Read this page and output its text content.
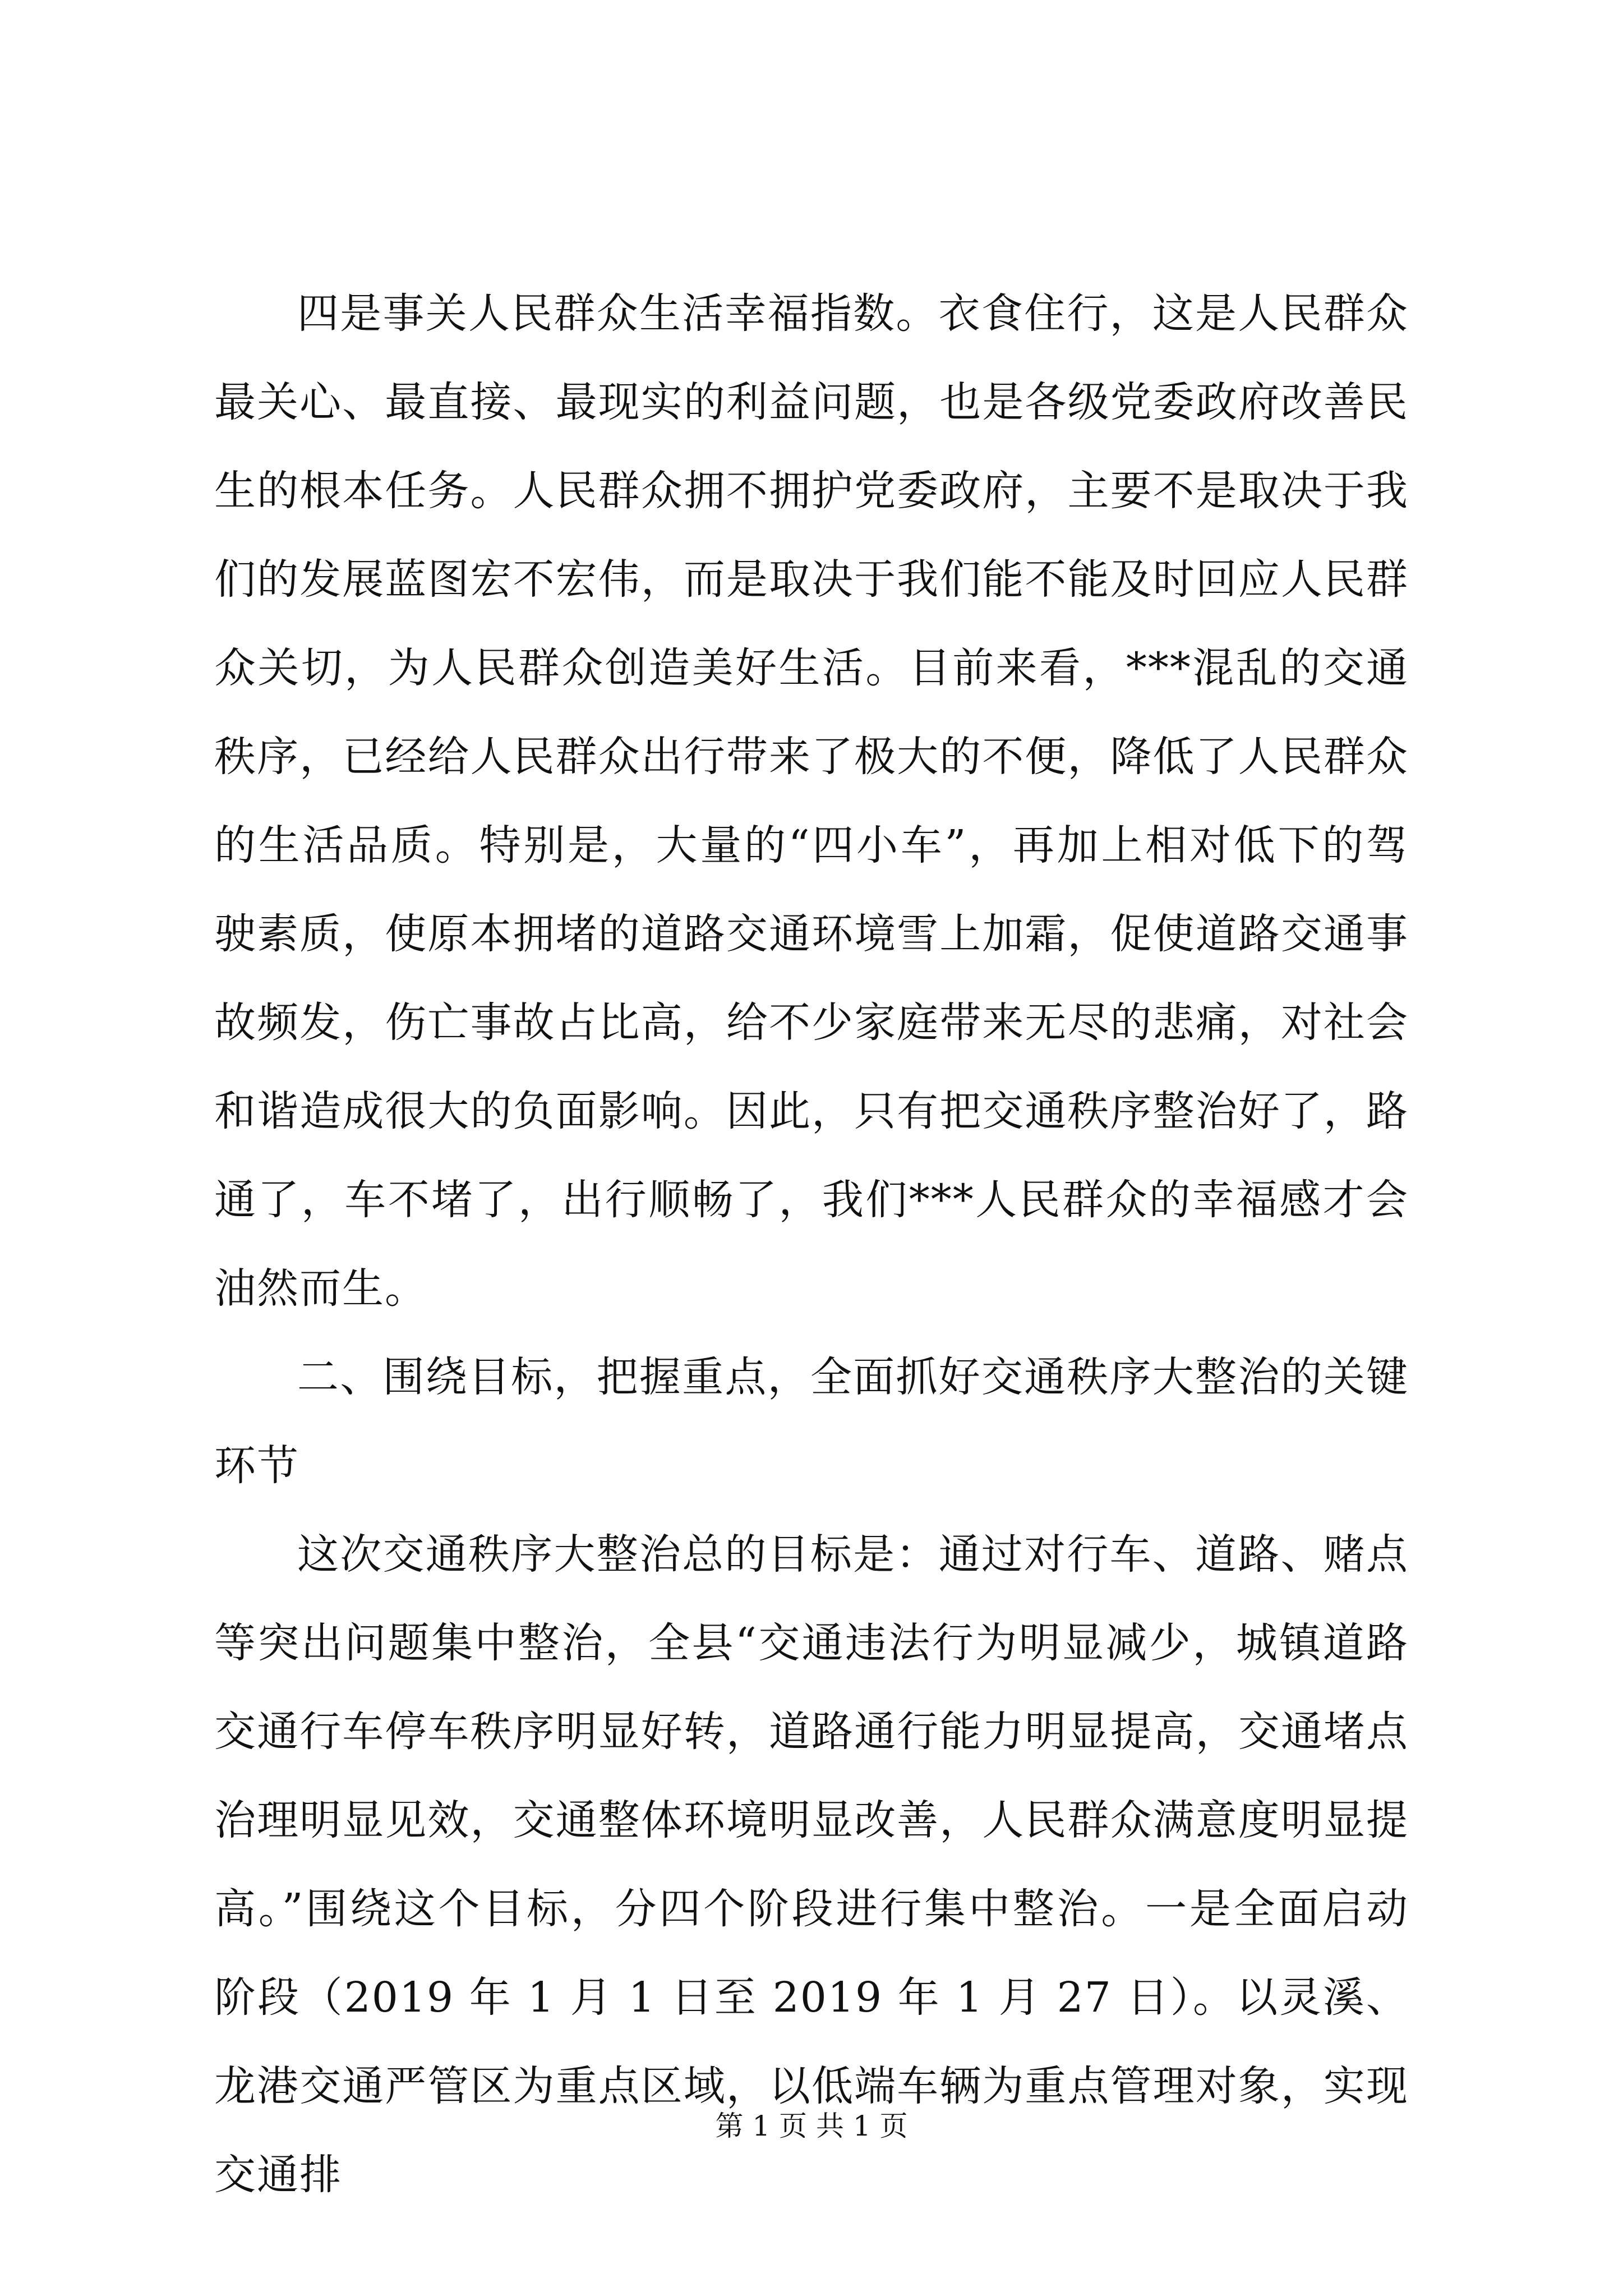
四是事关人民群众生活幸福指数。衣食住行，这是人民群众最关心、最直接、最现实的利益问题，也是各级党委政府改善民生的根本任务。人民群众拥不拥护党委政府，主要不是取决于我们的发展蓝图宏不宏伟，而是取决于我们能不能及时回应人民群众关切，为人民群众创造美好生活。目前来看，***混乱的交通秩序，已经给人民群众出行带来了极大的不便，降低了人民群众的生活品质。特别是，大量的“四小车”，再加上相对低下的驾驶素质，使原本拥堵的道路交通环境雪上加霜，促使道路交通事故频发，伤亡事故占比高，给不少家庭带来无尽的悲痛，对社会和谐造成很大的负面影响。因此，只有把交通秩序整治好了，路通了，车不堵了，出行顺畅了，我们***人民群众的幸福感才会油然而生。

二、围绕目标，把握重点，全面抓好交通秩序大整治的关键环节

这次交通秩序大整治总的目标是：通过对行车、道路、赌点等突出问题集中整治，全县“交通违法行为明显减少，城镇道路交通行车停车秩序明显好转，道路通行能力明显提高，交通堵点治理明显见效，交通整体环境明显改善，人民群众满意度明显提高。”围绕这个目标，分四个阶段进行集中整治。一是全面启动阶段（2019 年 1 月 1 日至 2019 年 1 月 27 日）。以灵溪、龙港交通严管区为重点区域，以低端车辆为重点管理对象，实现交通排

第 1 页 共 1 页
